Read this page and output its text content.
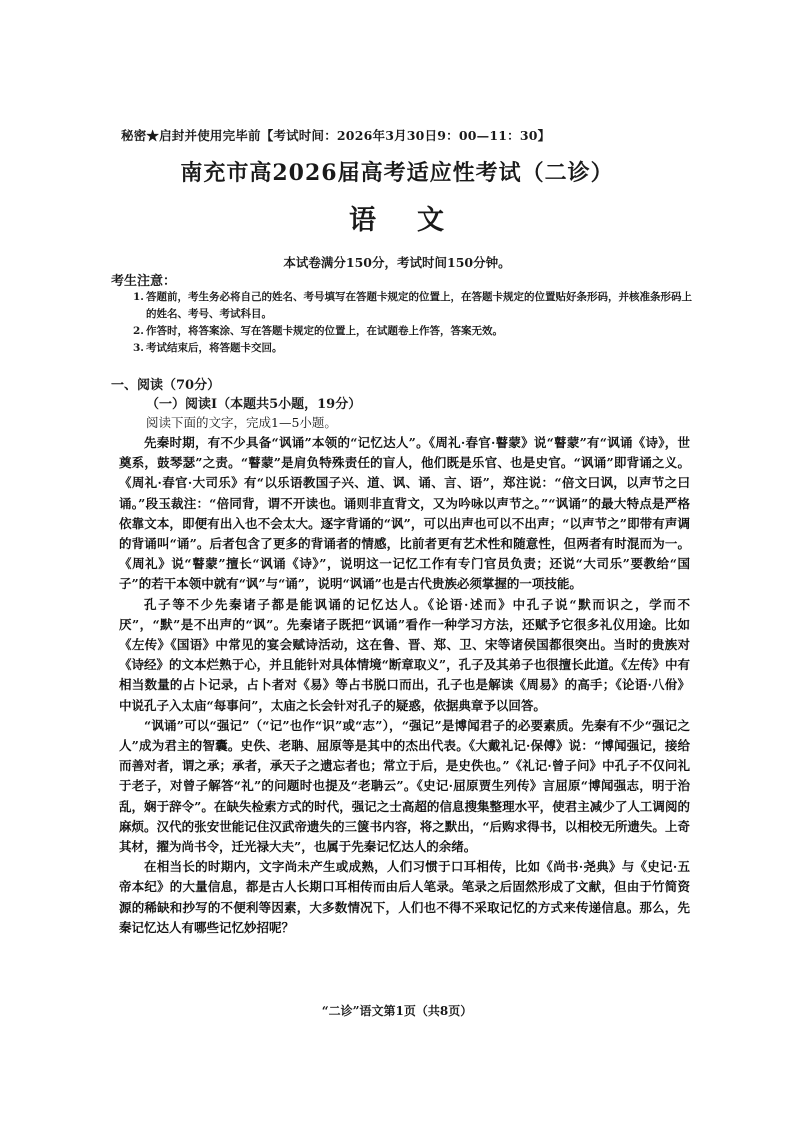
秘密★启封并使用完毕前【考试时间：2026年3月30日9：00—11：30】
南充市高2026届高考适应性考试（二诊）
语 文
本试卷满分150分，考试时间150分钟。
考生注意：
1. 答题前，考生务必将自己的姓名、考号填写在答题卡规定的位置上，在答题卡规定的位置贴好条形码，并核准条形码上的姓名、考号、考试科目。
2. 作答时，将答案涂、写在答题卡规定的位置上，在试题卷上作答，答案无效。
3. 考试结束后，将答题卡交回。
一、阅读（70分）
（一）阅读I（本题共5小题，19分）
阅读下面的文字，完成1—5小题。

先秦时期，有不少具备“讽诵”本领的“记忆达人”。《周礼·春官·瞽蒙》说“瞽蒙”有“讽诵《诗》，世奠系，鼓琴瑟”之责。“瞽蒙”是肩负特殊责任的盲人，他们既是乐官、也是史官。“讽诵”即背诵之义。《周礼·春官·大司乐》有“以乐语教国子兴、道、讽、诵、言、语”，郑注说：“倍文曰讽，以声节之曰诵。”段玉裁注：“倍同背，谓不开读也。诵则非直背文，又为吟咏以声节之。”“讽诵”的最大特点是严格依靠文本，即便有出入也不会太大。逐字背诵的“讽”，可以出声也可以不出声；“以声节之”即带有声调的背诵叫“诵”。后者包含了更多的背诵者的情感，比前者更有艺术性和随意性，但两者有时混而为一。《周礼》说“瞽蒙”擅长“讽诵《诗》”，说明这一记忆工作有专门官员负责；还说“大司乐”要教给“国子”的若干本领中就有“讽”与“诵”，说明“讽诵”也是古代贵族必须掌握的一项技能。

孔子等不少先秦诸子都是能讽诵的记忆达人。《论语·述而》中孔子说“默而识之，学而不厌”，“默”是不出声的“讽”。先秦诸子既把“讽诵”看作一种学习方法，还赋予它很多礼仪用途。比如《左传》《国语》中常见的宴会赋诗活动，这在鲁、晋、郑、卫、宋等诸侯国都很突出。当时的贵族对《诗经》的文本烂熟于心，并且能针对具体情境“断章取义”，孔子及其弟子也很擅长此道。《左传》中有相当数量的占卜记录，占卜者对《易》等占书脱口而出，孔子也是解读《周易》的高手；《论语·八佾》中说孔子入太庙“每事问”，太庙之长会针对孔子的疑惑，依据典章予以回答。

“讽诵”可以“强记”（“记”也作“识”或“志”），“强记”是博闻君子的必要素质。先秦有不少“强记之人”成为君主的智囊。史佚、老聃、屈原等是其中的杰出代表。《大戴礼记·保傅》说：“博闻强记，接给而善对者，谓之承；承者，承天子之遗忘者也；常立于后，是史佚也。”《礼记·曾子问》中孔子不仅问礼于老子，对曾子解答“礼”的问题时也提及“老聃云”。《史记·屈原贾生列传》言屈原“博闻强志，明于治乱，娴于辞令”。在缺失检索方式的时代，强记之士高超的信息搜集整理水平，使君主减少了人工调阅的麻烦。汉代的张安世能记住汉武帝遗失的三箧书内容，将之默出，“后购求得书，以相校无所遗失。上奇其材，擢为尚书令，迁光禄大夫”，也属于先秦记忆达人的余绪。

在相当长的时期内，文字尚未产生或成熟，人们习惯于口耳相传，比如《尚书·尧典》与《史记·五帝本纪》的大量信息，都是古人长期口耳相传而由后人笔录。笔录之后固然形成了文献，但由于竹简资源的稀缺和抄写的不便利等因素，大多数情况下，人们也不得不采取记忆的方式来传递信息。那么，先秦记忆达人有哪些记忆妙招呢？

“二诊”语文第1页（共8页）
